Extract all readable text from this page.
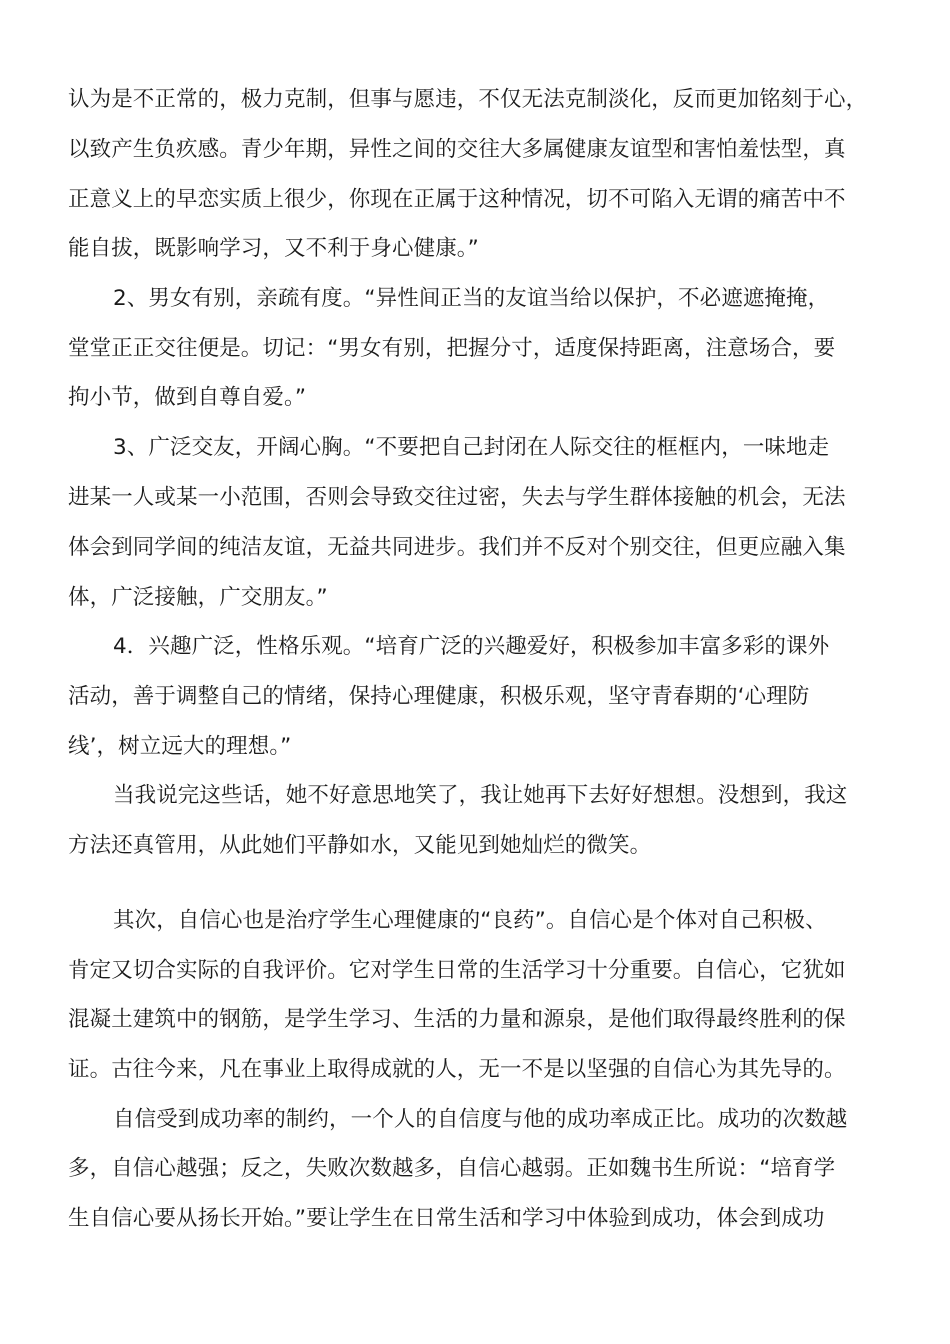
认为是不正常的，极力克制，但事与愿违，不仅无法克制淡化，反而更加铭刻于心，
以致产生负疚感。青少年期，异性之间的交往大多属健康友谊型和害怕羞怯型，真
正意义上的早恋实质上很少，你现在正属于这种情况，切不可陷入无谓的痛苦中不
能自拔，既影响学习，又不利于身心健康。”
2、男女有别，亲疏有度。“异性间正当的友谊当给以保护，不必遮遮掩掩，
堂堂正正交往便是。切记：“男女有别，把握分寸，适度保持距离，注意场合，要
拘小节，做到自尊自爱。”
3、广泛交友，开阔心胸。“不要把自己封闭在人际交往的框框内，一味地走
进某一人或某一小范围，否则会导致交往过密，失去与学生群体接触的机会，无法
体会到同学间的纯洁友谊，无益共同进步。我们并不反对个别交往，但更应融入集
体，广泛接触，广交朋友。”
4．兴趣广泛，性格乐观。“培育广泛的兴趣爱好，积极参加丰富多彩的课外
活动，善于调整自己的情绪，保持心理健康，积极乐观，坚守青春期的‘心理防
线’，树立远大的理想。”
当我说完这些话，她不好意思地笑了，我让她再下去好好想想。没想到，我这
方法还真管用，从此她们平静如水，又能见到她灿烂的微笑。
其次，自信心也是治疗学生心理健康的“良药”。自信心是个体对自己积极、
肯定又切合实际的自我评价。它对学生日常的生活学习十分重要。自信心，它犹如
混凝土建筑中的钢筋，是学生学习、生活的力量和源泉，是他们取得最终胜利的保
证。古往今来，凡在事业上取得成就的人，无一不是以坚强的自信心为其先导的。
自信受到成功率的制约，一个人的自信度与他的成功率成正比。成功的次数越
多，自信心越强；反之，失败次数越多，自信心越弱。正如魏书生所说：“培育学
生自信心要从扬长开始。”要让学生在日常生活和学习中体验到成功，体会到成功
